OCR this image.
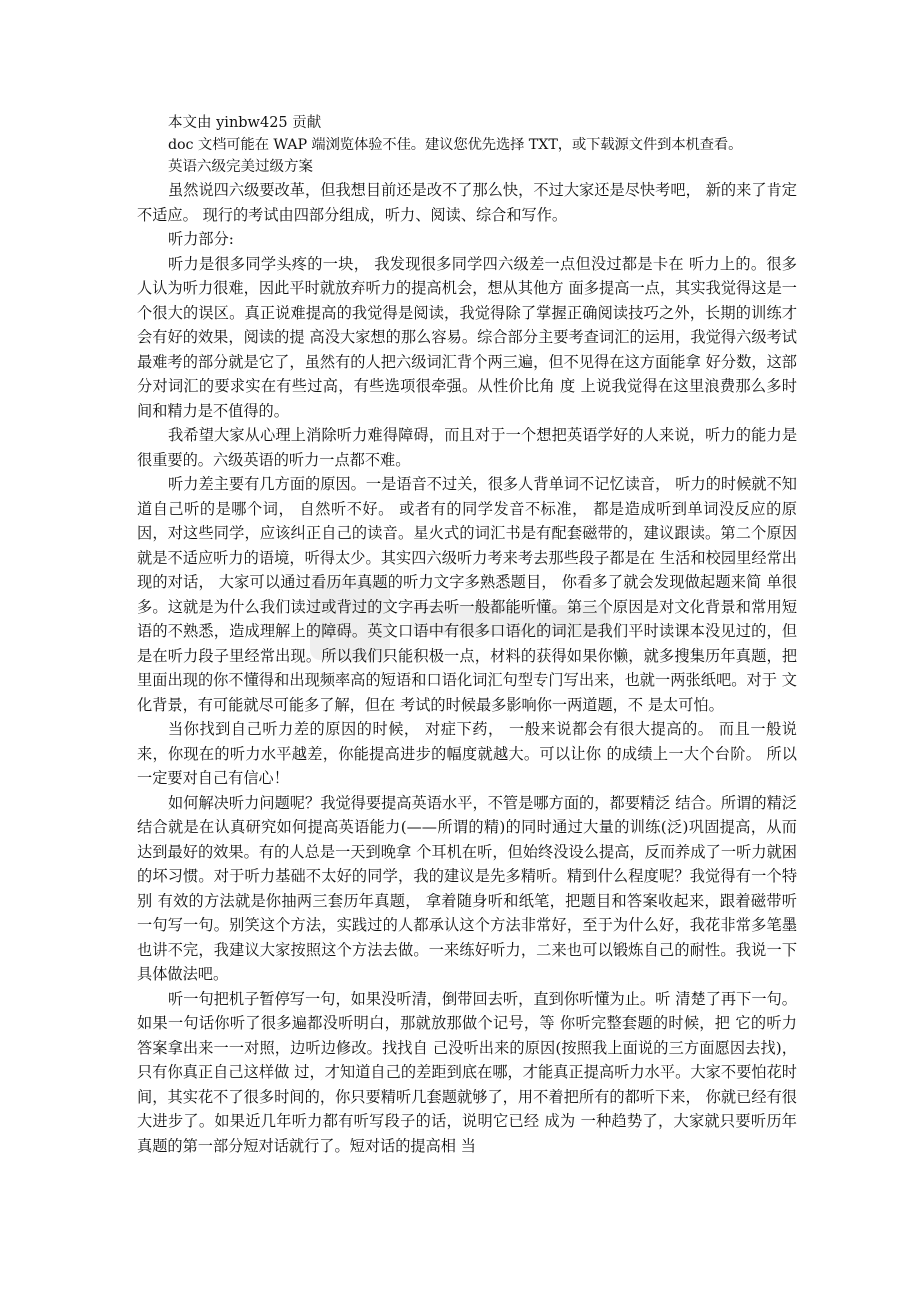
本文由 yinbw425 贡献
doc 文档可能在 WAP 端浏览体验不佳。建议您优先选择 TXT，或下载源文件到本机查看。
英语六级完美过级方案

虽然说四六级要改革，但我想目前还是改不了那么快，不过大家还是尽快考吧， 新的来了肯定不适应。 现行的考试由四部分组成，听力、阅读、综合和写作。

听力部分:

听力是很多同学头疼的一块， 我发现很多同学四六级差一点但没过都是卡在 听力上的。很多人认为听力很难，因此平时就放弃听力的提高机会，想从其他方 面多提高一点，其实我觉得这是一个很大的误区。真正说难提高的我觉得是阅读，我觉得除了掌握正确阅读技巧之外，长期的训练才会有好的效果，阅读的提 高没大家想的那么容易。综合部分主要考查词汇的运用，我觉得六级考试最难考的部分就是它了，虽然有的人把六级词汇背个两三遍，但不见得在这方面能拿 好分数，这部分对词汇的要求实在有些过高，有些选项很牵强。从性价比角 度 上说我觉得在这里浪费那么多时间和精力是不值得的。

我希望大家从心理上消除听力难得障碍，而且对于一个想把英语学好的人来说，听力的能力是很重要的。六级英语的听力一点都不难。

听力差主要有几方面的原因。一是语音不过关，很多人背单词不记忆读音， 听力的时候就不知道自己听的是哪个词， 自然听不好。 或者有的同学发音不标准， 都是造成听到单词没反应的原因，对这些同学，应该纠正自己的读音。星火式的词汇书是有配套磁带的，建议跟读。第二个原因就是不适应听力的语境，听得太少。其实四六级听力考来考去那些段子都是在 生活和校园里经常出现的对话， 大家可以通过看历年真题的听力文字多熟悉题目， 你看多了就会发现做起题来简 单很多。这就是为什么我们读过或背过的文字再去听一般都能听懂。第三个原因是对文化背景和常用短语的不熟悉，造成理解上的障碍。英文口语中有很多口语化的词汇是我们平时读课本没见过的，但是在听力段子里经常出现。所以我们只能积极一点，材料的获得如果你懒，就多搜集历年真题，把里面出现的你不懂得和出现频率高的短语和口语化词汇句型专门写出来，也就一两张纸吧。对于 文化背景，有可能就尽可能多了解，但在 考试的时候最多影响你一两道题，不 是太可怕。

当你找到自己听力差的原因的时候， 对症下药， 一般来说都会有很大提高的。 而且一般说来，你现在的听力水平越差，你能提高进步的幅度就越大。可以让你 的成绩上一大个台阶。 所以一定要对自己有信心！

如何解决听力问题呢？我觉得要提高英语水平，不管是哪方面的，都要精泛 结合。所谓的精泛结合就是在认真研究如何提高英语能力(——所谓的精)的同时通过大量的训练(泛)巩固提高，从而达到最好的效果。有的人总是一天到晚拿 个耳机在听，但始终没设么提高，反而养成了一听力就困的坏习惯。对于听力基础不太好的同学，我的建议是先多精听。精到什么程度呢？我觉得有一个特别 有效的方法就是你抽两三套历年真题， 拿着随身听和纸笔，把题目和答案收起来，跟着磁带听一句写一句。别笑这个方法，实践过的人都承认这个方法非常好，至于为什么好，我花非常多笔墨也讲不完，我建议大家按照这个方法去做。一来练好听力，二来也可以锻炼自己的耐性。我说一下具体做法吧。

听一句把机子暂停写一句，如果没听清，倒带回去听，直到你听懂为止。听 清楚了再下一句。如果一句话你听了很多遍都没听明白，那就放那做个记号，等 你听完整套题的时候，把 它的听力答案拿出来一一对照，边听边修改。找找自 己没听出来的原因(按照我上面说的三方面愿因去找)，只有你真正自己这样做 过，才知道自己的差距到底在哪，才能真正提高听力水平。大家不要怕花时间，其实花不了很多时间的，你只要精听几套题就够了，用不着把所有的都听下来， 你就已经有很大进步了。如果近几年听力都有听写段子的话，说明它已经 成为 一种趋势了，大家就只要听历年真题的第一部分短对话就行了。短对话的提高相 当
